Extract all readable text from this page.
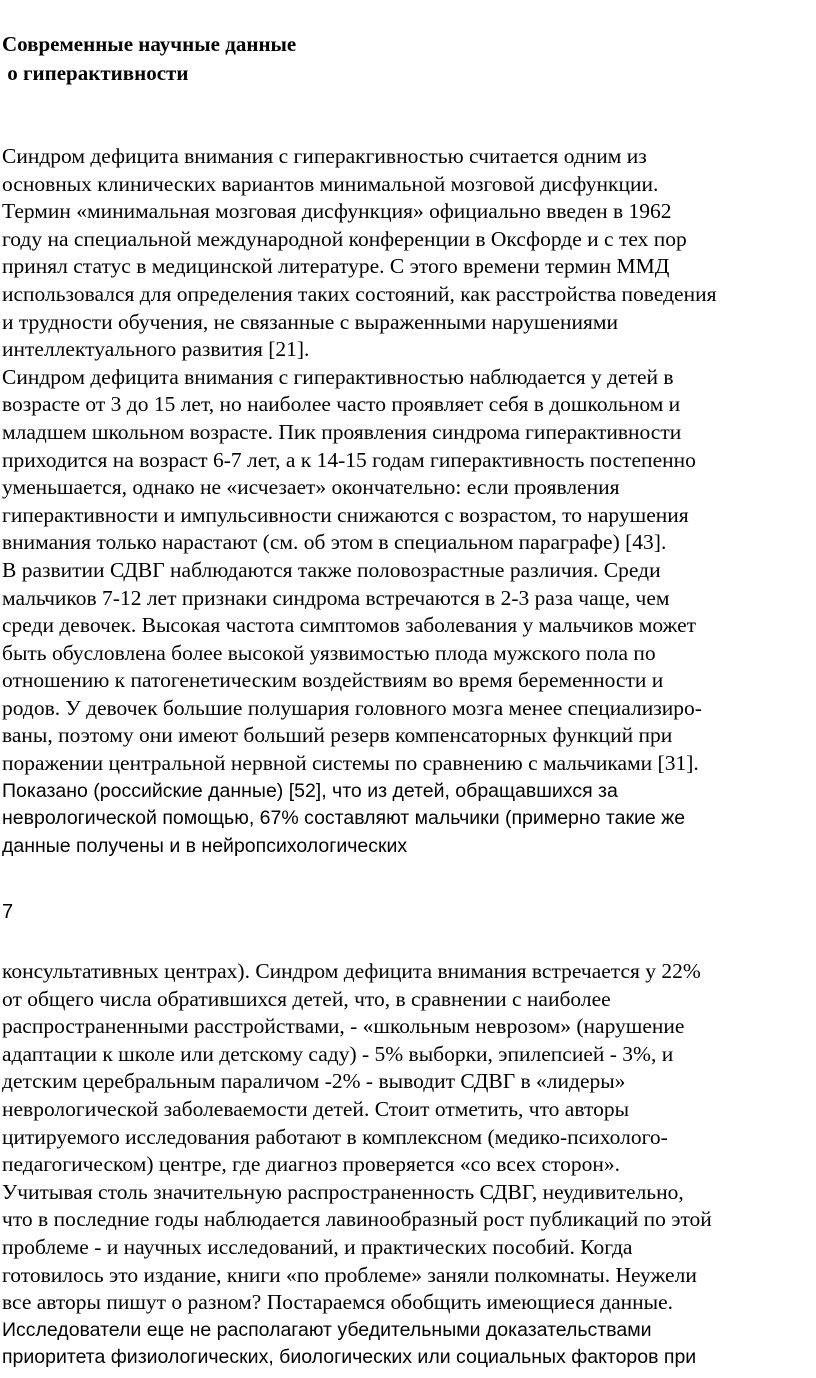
Современные научные данные
о гиперактивности
Синдром дефицита внимания с гиперакгивностью считается одним из
основных клинических вариантов минимальной мозговой дисфункции.
Термин «минимальная мозговая дисфункция» официально введен в 1962
году на специальной международной конференции в Оксфорде и с тех пор
принял статус в медицинской литературе. С этого времени термин ММД
использовался для определения таких состояний, как расстройства поведения
и трудности обучения, не связанные с выраженными нарушениями
интеллектуального развития [21].
Синдром дефицита внимания с гиперактивностью наблюдается у детей в
возрасте от 3 до 15 лет, но наиболее часто проявляет себя в дошкольном и
младшем школьном возрасте. Пик проявления синдрома гиперактивности
приходится на возраст 6-7 лет, а к 14-15 годам гиперактивность постепенно
уменьшается, однако не «исчезает» окончательно: если проявления
гиперактивности и импульсивности снижаются с возрастом, то нарушения
внимания только нарастают (см. об этом в специальном параграфе) [43].
В развитии СДВГ наблюдаются также половозрастные различия. Среди
мальчиков 7-12 лет признаки синдрома встречаются в 2-3 раза чаще, чем
среди девочек. Высокая частота симптомов заболевания у мальчиков может
быть обусловлена более высокой уязвимостью плода мужского пола по
отношению к патогенетическим воздействиям во время беременности и
родов. У девочек большие полушария головного мозга менее специализиро-
ваны, поэтому они имеют больший резерв компенсаторных функций при
поражении центральной нервной системы по сравнению с мальчиками [31].
Показано (российские данные) [52], что из детей, обращавшихся за
неврологической помощью, 67% составляют мальчики (примерно такие же
данные получены и в нейропсихологических
7
консультативных центрах). Синдром дефицита внимания встречается у 22%
от общего числа обратившихся детей, что, в сравнении с наиболее
распространенными расстройствами, - «школьным неврозом» (нарушение
адаптации к школе или детскому саду) - 5% выборки, эпилепсией - 3%, и
детским церебральным параличом -2% - выводит СДВГ в «лидеры»
неврологической заболеваемости детей. Стоит отметить, что авторы
цитируемого исследования работают в комплексном (медико-психолого-
педагогическом) центре, где диагноз проверяется «со всех сторон».
Учитывая столь значительную распространенность СДВГ, неудивительно,
что в последние годы наблюдается лавинообразный рост публикаций по этой
проблеме - и научных исследований, и практических пособий. Когда
готовилось это издание, книги «по проблеме» заняли полкомнаты. Неужели
все авторы пишут о разном? Постараемся обобщить имеющиеся данные.
Исследователи еще не располагают убедительными доказательствами
приоритета физиологических, биологических или социальных факторов при
